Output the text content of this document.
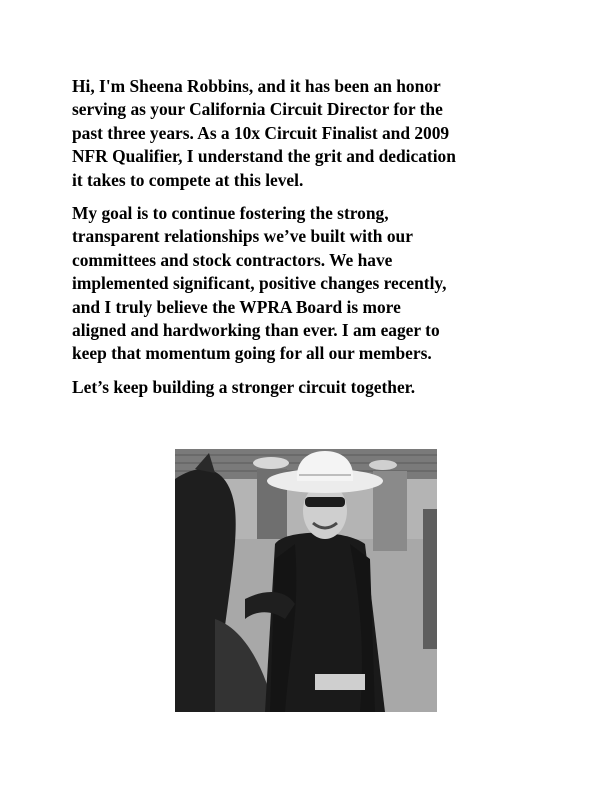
Hi, I'm Sheena Robbins, and it has been an honor
serving as your California Circuit Director for the
past three years. As a 10x Circuit Finalist and 2009
NFR Qualifier, I understand the grit and dedication
it takes to compete at this level.

My goal is to continue fostering the strong,
transparent relationships we’ve built with our
committees and stock contractors. We have
implemented significant, positive changes recently,
and I truly believe the WPRA Board is more
aligned and hardworking than ever. I am eager to
keep that momentum going for all our members.

Let’s keep building a stronger circuit together.
